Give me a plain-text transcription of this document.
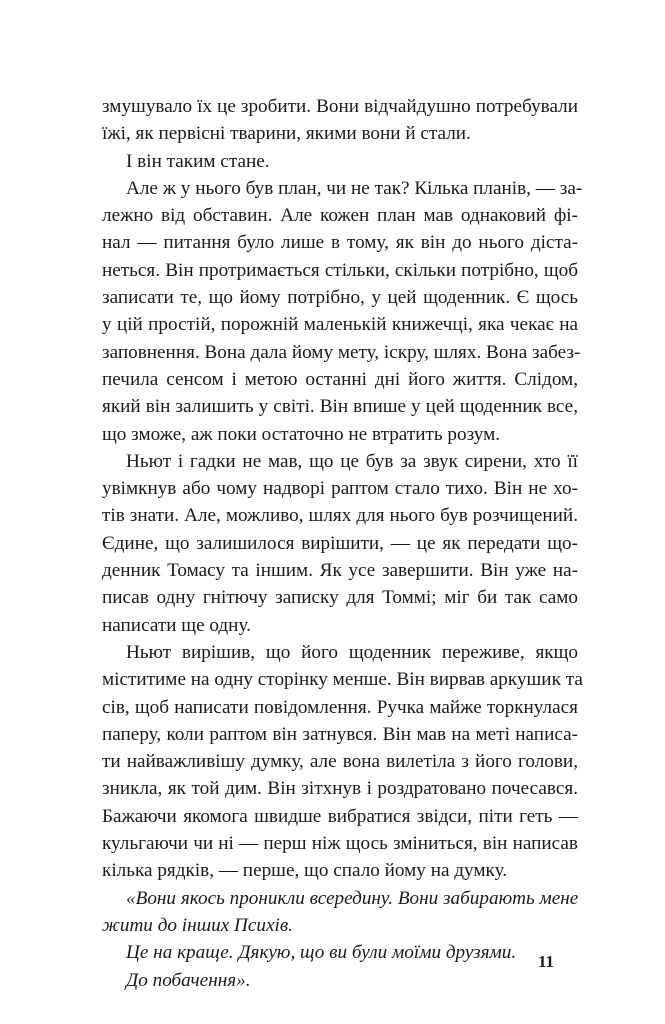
змушувало їх це зробити. Вони відчайдушно потребували
їжі, як первісні тварини, якими вони й стали.
І він таким стане.
Але ж у нього був план, чи не так? Кілька планів, — за-
лежно від обставин. Але кожен план мав однаковий фі-
нал — питання було лише в тому, як він до нього діста-
неться. Він протримається стільки, скільки потрібно, щоб
записати те, що йому потрібно, у цей щоденник. Є щось
у цій простій, порожній маленькій книжечці, яка чекає на
заповнення. Вона дала йому мету, іскру, шлях. Вона забез-
печила сенсом і метою останні дні його життя. Слідом,
який він залишить у світі. Він впише у цей щоденник все,
що зможе, аж поки остаточно не втратить розум.
Ньют і гадки не мав, що це був за звук сирени, хто її
увімкнув або чому надворі раптом стало тихо. Він не хо-
тів знати. Але, можливо, шлях для нього був розчищений.
Єдине, що залишилося вирішити, — це як передати що-
денник Томасу та іншим. Як усе завершити. Він уже на-
писав одну гнітючу записку для Томмі; міг би так само
написати ще одну.
Ньют вирішив, що його щоденник переживе, якщо
міститиме на одну сторінку менше. Він вирвав аркушик та
сів, щоб написати повідомлення. Ручка майже торкнулася
паперу, коли раптом він затнувся. Він мав на меті написа-
ти найважливішу думку, але вона вилетіла з його голови,
зникла, як той дим. Він зітхнув і роздратовано почесався.
Бажаючи якомога швидше вибратися звідси, піти геть —
кульгаючи чи ні — перш ніж щось зміниться, він написав
кілька рядків, — перше, що спало йому на думку.
«Вони якось проникли всередину. Вони забирають мене
жити до інших Психів.
Це на краще. Дякую, що ви були моїми друзями.
До побачення».
11
